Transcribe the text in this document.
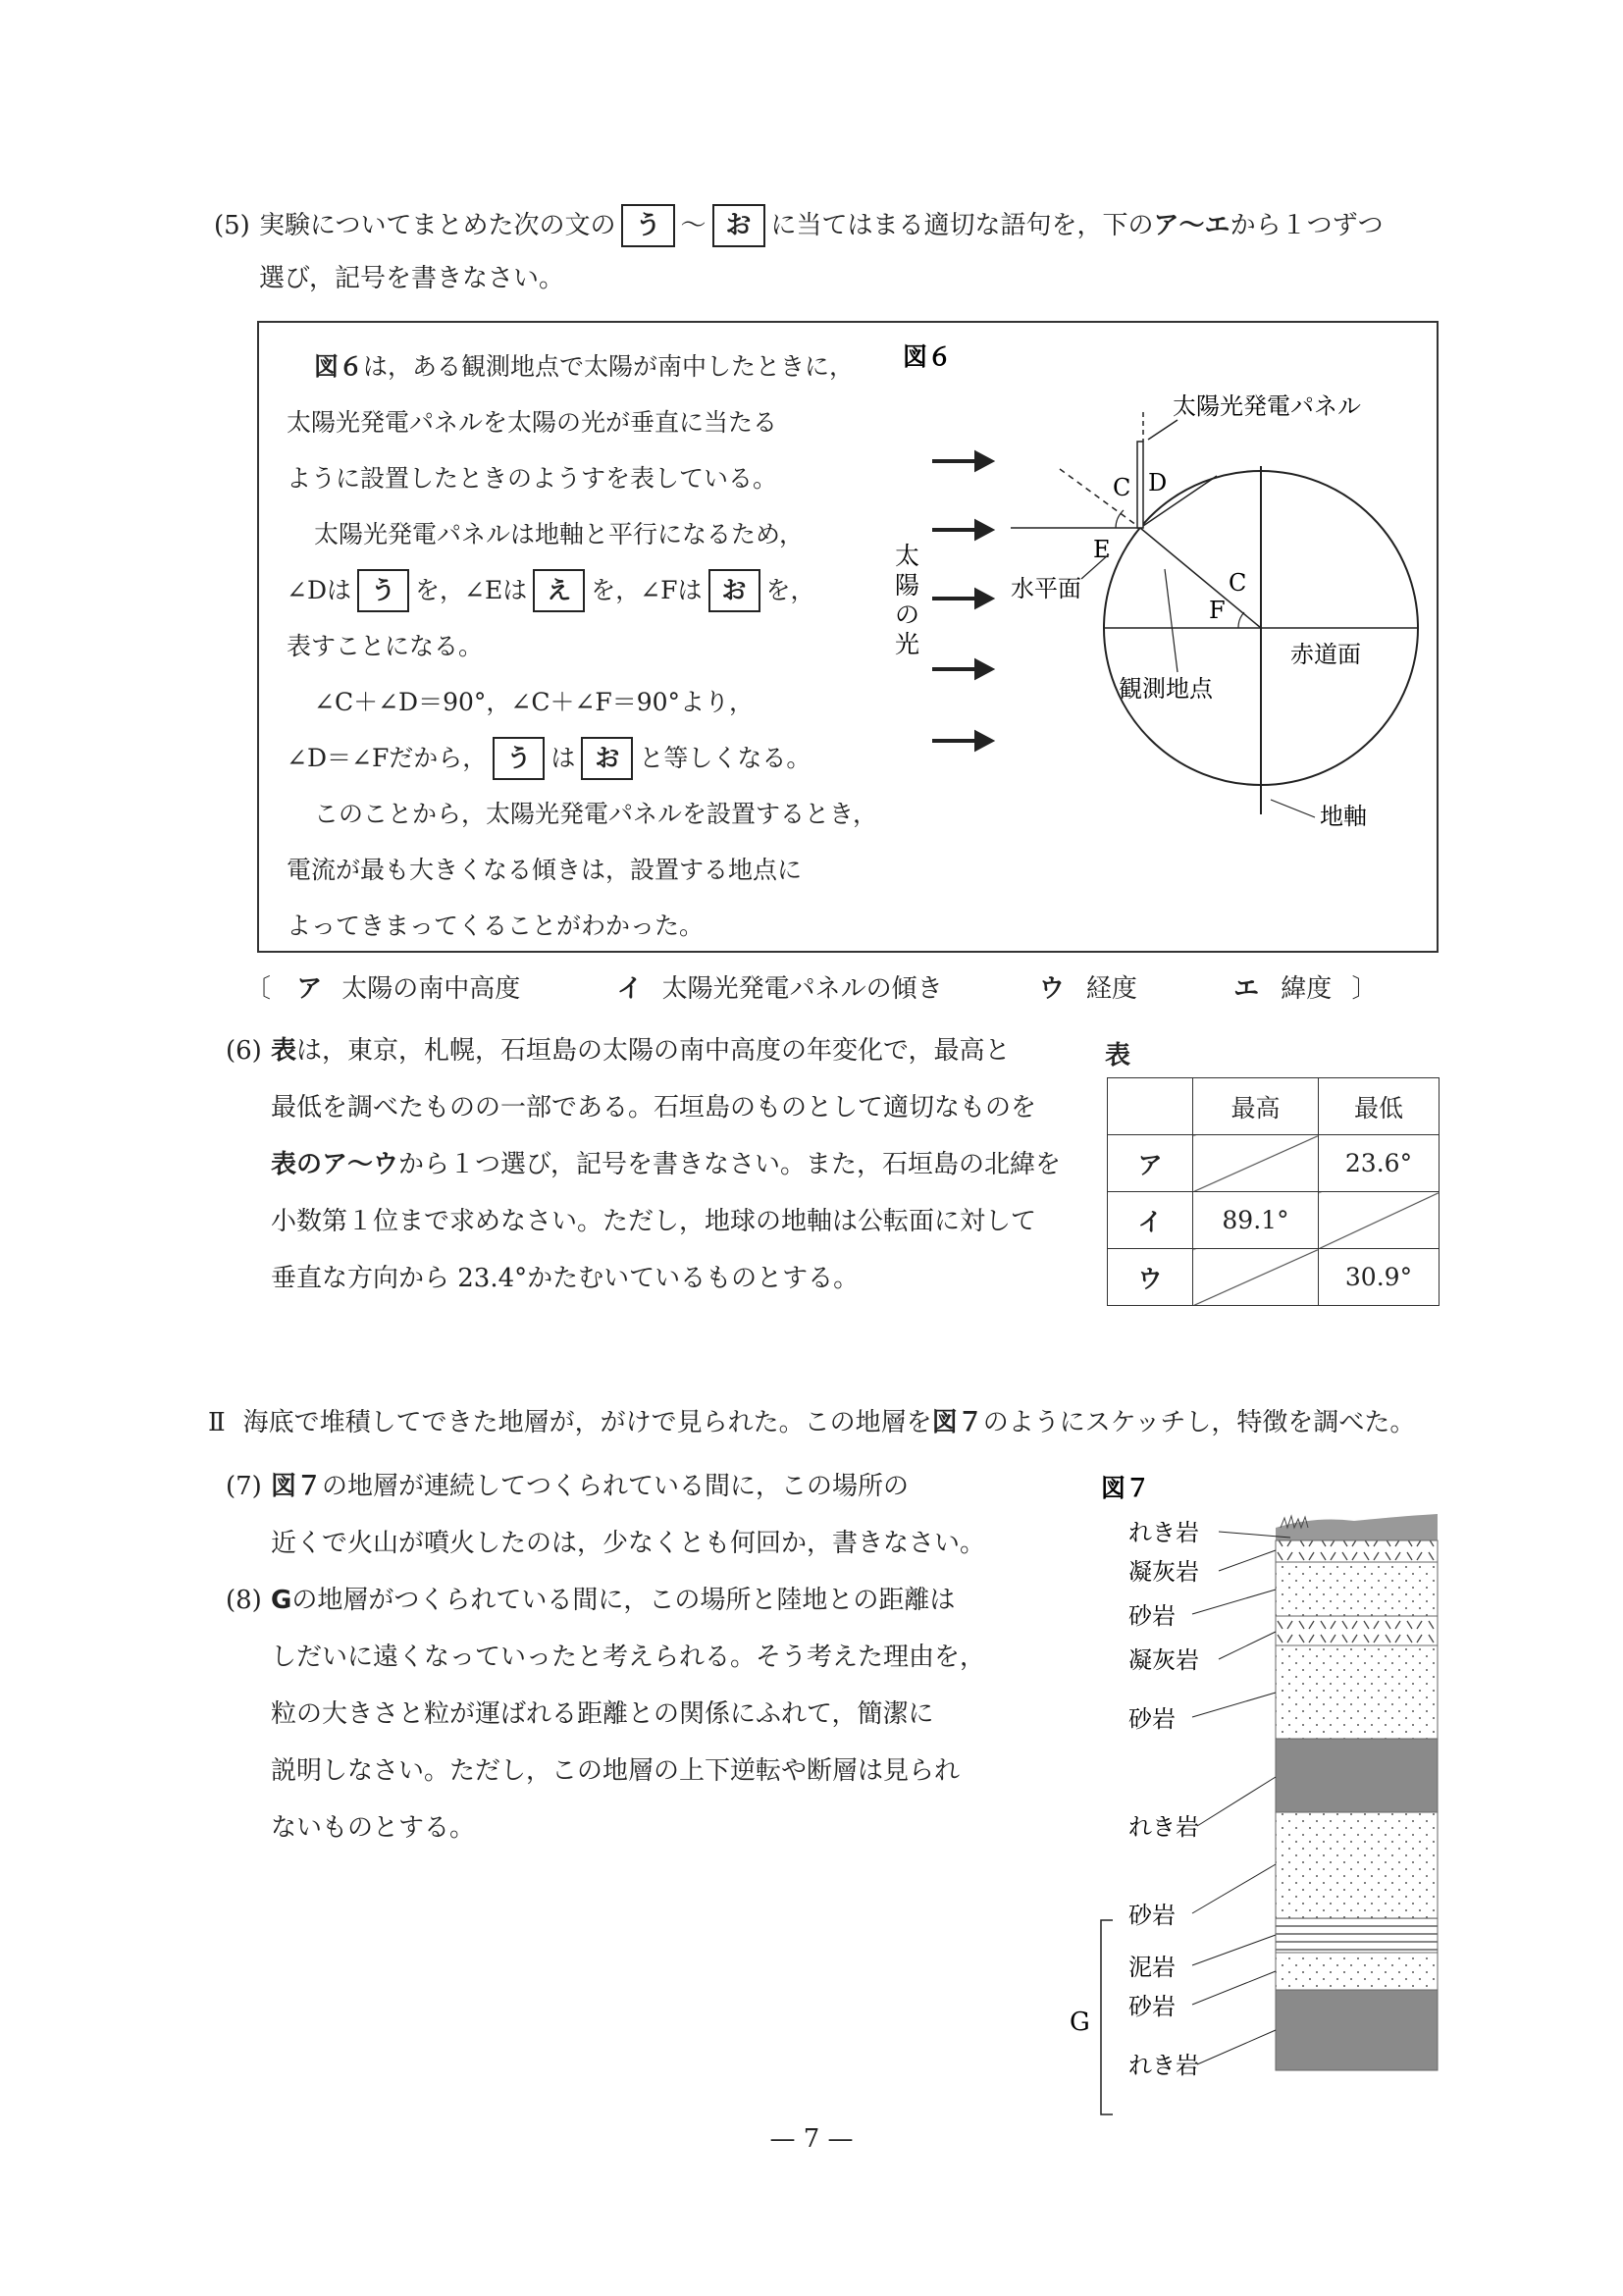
(5) 実験についてまとめた次の文の う 〜 お に当てはまる適切な語句を，下のア〜エから１つずつ
選び，記号を書きなさい。
図６は，ある観測地点で太陽が南中したときに，
太陽光発電パネルを太陽の光が垂直に当たる
ように設置したときのようすを表している。
太陽光発電パネルは地軸と平行になるため，
∠Dは う を，∠Eは え を，∠Fは お を，
表すことになる。
∠C＋∠D＝90°，∠C＋∠F＝90°より，
∠D＝∠Fだから， う は お と等しくなる。
このことから，太陽光発電パネルを設置するとき，
電流が最も大きくなる傾きは，設置する地点に
よってきまってくることがわかった。
図６
太陽光発電パネル
太
陽
の
光
C D
E
C
F
水平面
観測地点
赤道面
地軸
〔 ア 太陽の南中高度	イ 太陽光発電パネルの傾き	ウ 経度	エ 緯度 〕
(6) 表は，東京，札幌，石垣島の太陽の南中高度の年変化で，最高と
最低を調べたものの一部である。石垣島のものとして適切なものを
表のア〜ウから１つ選び，記号を書きなさい。また，石垣島の北緯を
小数第１位まで求めなさい。ただし，地球の地軸は公転面に対して
垂直な方向から 23.4°かたむいているものとする。
表
	最高	最低
ア		23.6°
イ	89.1°	
ウ		30.9°
Ⅱ 海底で堆積してできた地層が，がけで見られた。この地層を図７のようにスケッチし，特徴を調べた。
(7) 図７の地層が連続してつくられている間に，この場所の
近くで火山が噴火したのは，少なくとも何回か，書きなさい。
(8) Gの地層がつくられている間に，この場所と陸地との距離は
しだいに遠くなっていったと考えられる。そう考えた理由を，
粒の大きさと粒が運ばれる距離との関係にふれて，簡潔に
説明しなさい。ただし，この地層の上下逆転や断層は見られ
ないものとする。
図７
れき岩
凝灰岩
砂岩
凝灰岩
砂岩
れき岩
砂岩
泥岩
砂岩
れき岩
G
— 7 —
